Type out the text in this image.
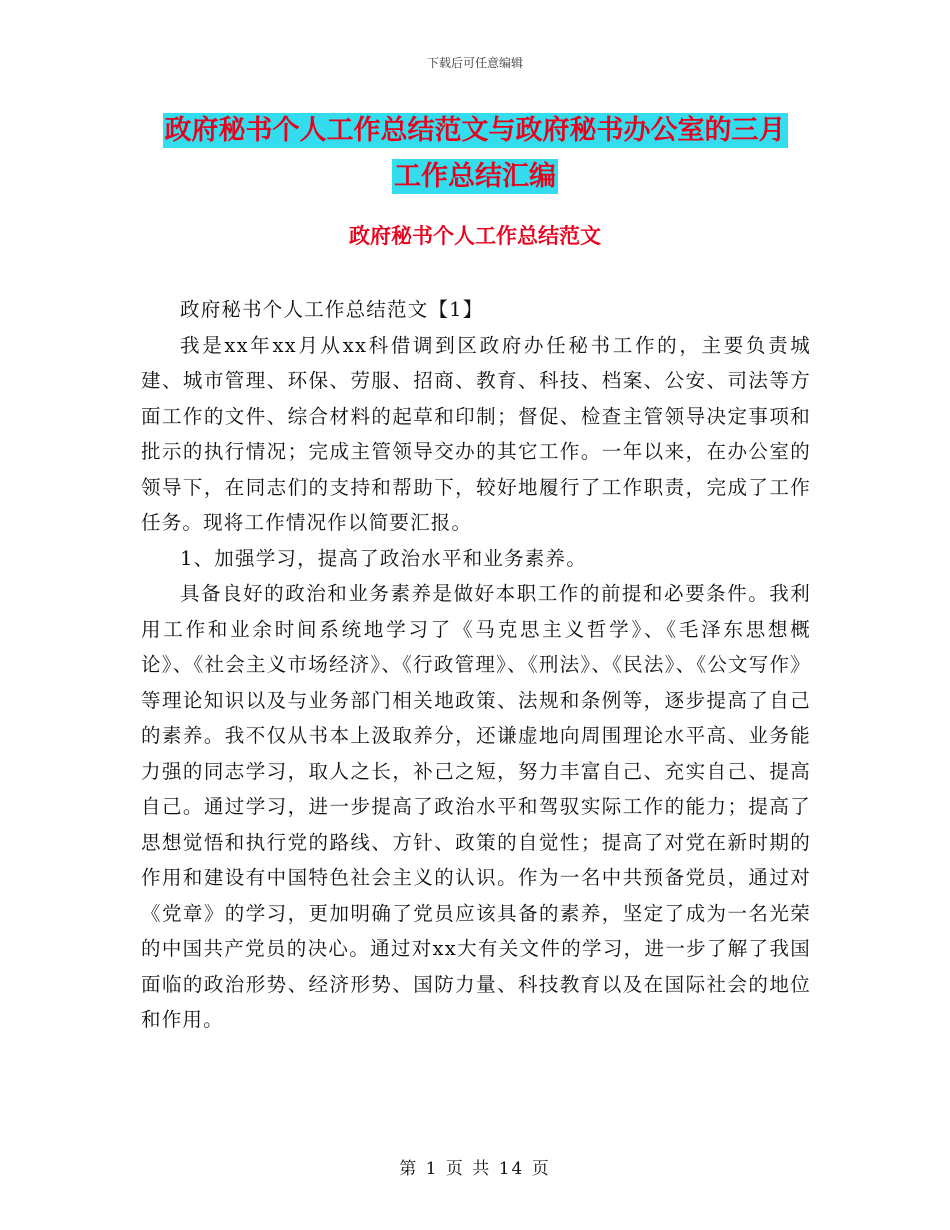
下载后可任意编辑
政府秘书个人工作总结范文与政府秘书办公室的三月
工作总结汇编
政府秘书个人工作总结范文

政府秘书个人工作总结范文【1】

我是xx年xx月从xx科借调到区政府办任秘书工作的，主要负责城建、城市管理、环保、劳服、招商、教育、科技、档案、公安、司法等方面工作的文件、综合材料的起草和印制；督促、检查主管领导决定事项和批示的执行情况；完成主管领导交办的其它工作。一年以来，在办公室的领导下，在同志们的支持和帮助下，较好地履行了工作职责，完成了工作任务。现将工作情况作以简要汇报。

1、加强学习，提高了政治水平和业务素养。

具备良好的政治和业务素养是做好本职工作的前提和必要条件。我利用工作和业余时间系统地学习了《马克思主义哲学》、《毛泽东思想概论》、《社会主义市场经济》、《行政管理》、《刑法》、《民法》、《公文写作》等理论知识以及与业务部门相关地政策、法规和条例等，逐步提高了自己的素养。我不仅从书本上汲取养分，还谦虚地向周围理论水平高、业务能力强的同志学习，取人之长，补己之短，努力丰富自己、充实自己、提高自己。通过学习，进一步提高了政治水平和驾驭实际工作的能力；提高了思想觉悟和执行党的路线、方针、政策的自觉性；提高了对党在新时期的作用和建设有中国特色社会主义的认识。作为一名中共预备党员，通过对《党章》的学习，更加明确了党员应该具备的素养，坚定了成为一名光荣的中国共产党员的决心。通过对xx大有关文件的学习，进一步了解了我国面临的政治形势、经济形势、国防力量、科技教育以及在国际社会的地位和作用。

第 1 页 共 14 页
